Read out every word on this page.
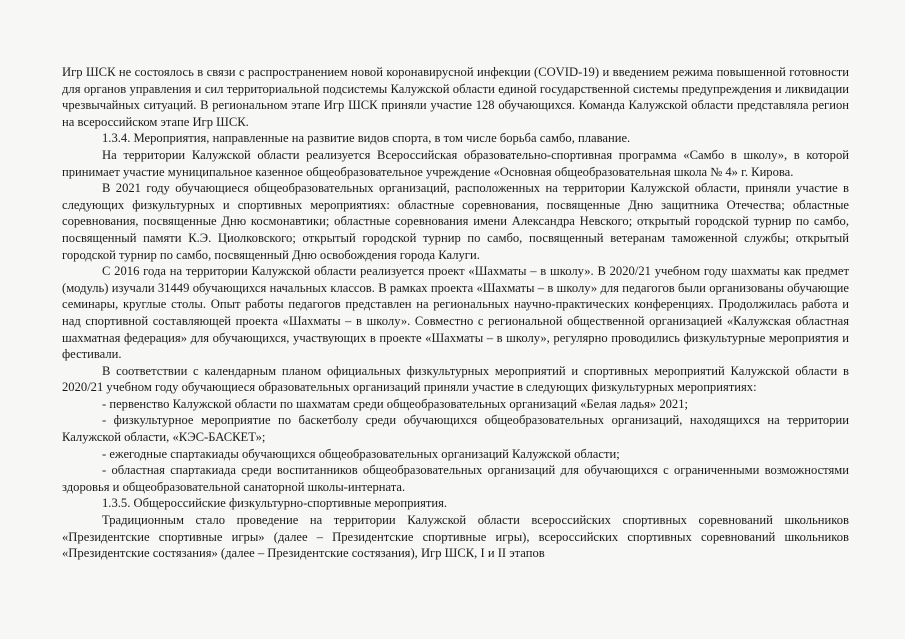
Игр ШСК не состоялось в связи с распространением новой коронавирусной инфекции (COVID-19) и введением режима повышенной готовности для органов управления и сил территориальной подсистемы Калужской области единой государственной системы предупреждения и ликвидации чрезвычайных ситуаций. В региональном этапе Игр ШСК приняли участие 128 обучающихся. Команда Калужской области представляла регион на всероссийском этапе Игр ШСК.

1.3.4. Мероприятия, направленные на развитие видов спорта, в том числе борьба самбо, плавание.

На территории Калужской области реализуется Всероссийская образовательно-спортивная программа «Самбо в школу», в которой принимает участие муниципальное казенное общеобразовательное учреждение «Основная общеобразовательная школа № 4» г. Кирова.

В 2021 году обучающиеся общеобразовательных организаций, расположенных на территории Калужской области, приняли участие в следующих физкультурных и спортивных мероприятиях: областные соревнования, посвященные Дню защитника Отечества; областные соревнования, посвященные Дню космонавтики; областные соревнования имени Александра Невского; открытый городской турнир по самбо, посвященный памяти К.Э. Циолковского; открытый городской турнир по самбо, посвященный ветеранам таможенной службы; открытый городской турнир по самбо, посвященный Дню освобождения города Калуги.

С 2016 года на территории Калужской области реализуется проект «Шахматы – в школу». В 2020/21 учебном году шахматы как предмет (модуль) изучали 31449 обучающихся начальных классов. В рамках проекта «Шахматы – в школу» для педагогов были организованы обучающие семинары, круглые столы. Опыт работы педагогов представлен на региональных научно-практических конференциях. Продолжилась работа и над спортивной составляющей проекта «Шахматы – в школу». Совместно с региональной общественной организацией «Калужская областная шахматная федерация» для обучающихся, участвующих в проекте «Шахматы – в школу», регулярно проводились физкультурные мероприятия и фестивали.

В соответствии с календарным планом официальных физкультурных мероприятий и спортивных мероприятий Калужской области в 2020/21 учебном году обучающиеся образовательных организаций приняли участие в следующих физкультурных мероприятиях:

- первенство Калужской области по шахматам среди общеобразовательных организаций «Белая ладья» 2021;

- физкультурное мероприятие по баскетболу среди обучающихся общеобразовательных организаций, находящихся на территории Калужской области, «КЭС-БАСКЕТ»;

- ежегодные спартакиады обучающихся общеобразовательных организаций Калужской области;

- областная спартакиада среди воспитанников общеобразовательных организаций для обучающихся с ограниченными возможностями здоровья и общеобразовательной санаторной школы-интерната.

1.3.5. Общероссийские физкультурно-спортивные мероприятия.

Традиционным стало проведение на территории Калужской области всероссийских спортивных соревнований школьников «Президентские спортивные игры» (далее – Президентские спортивные игры), всероссийских спортивных соревнований школьников «Президентские состязания» (далее – Президентские состязания), Игр ШСК, I и II этапов
